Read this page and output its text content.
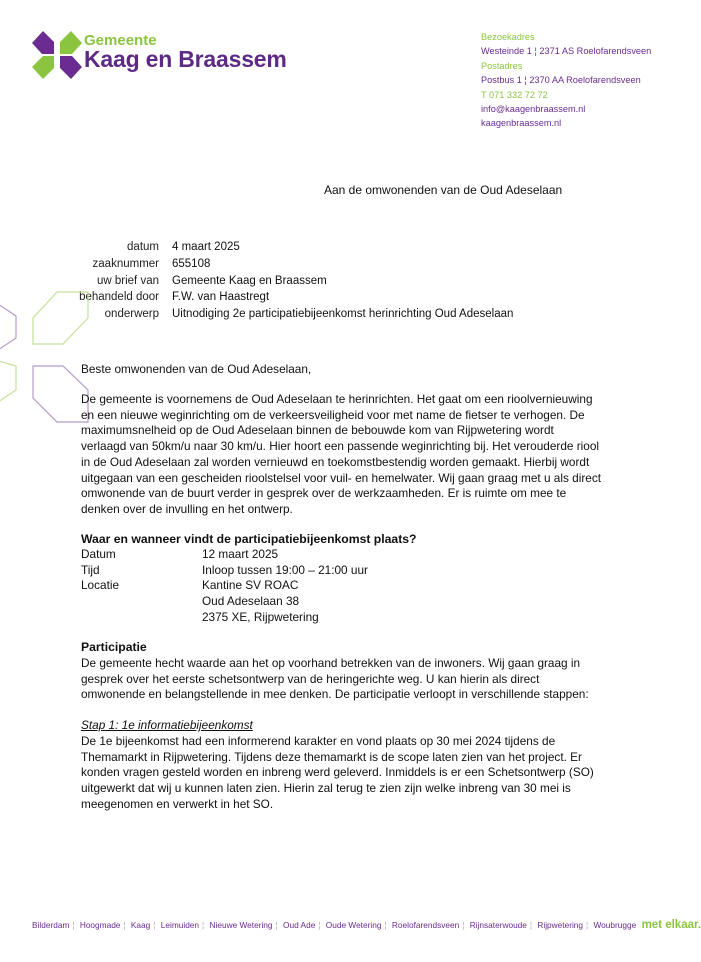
Gemeente
Kaag en Braassem
Bezoekadres
Westeinde 1 ¦ 2371 AS Roelofarendsveen
Postadres
Postbus 1 ¦ 2370 AA Roelofarendsveen
T 071 332 72 72
info@kaagenbraassem.nl
kaagenbraassem.nl
Aan de omwonenden van de Oud Adeselaan
datum	4 maart 2025
zaaknummer	655108
uw brief van	Gemeente Kaag en Braassem
behandeld door	F.W. van Haastregt
onderwerp	Uitnodiging 2e participatiebijeenkomst herinrichting Oud Adeselaan
Beste omwonenden van de Oud Adeselaan,
De gemeente is voornemens de Oud Adeselaan te herinrichten. Het gaat om een rioolvernieuwing en een nieuwe weginrichting om de verkeersveiligheid voor met name de fietser te verhogen. De maximumsnelheid op de Oud Adeselaan binnen de bebouwde kom van Rijpwetering wordt verlaagd van 50km/u naar 30 km/u. Hier hoort een passende weginrichting bij. Het verouderde riool in de Oud Adeselaan zal worden vernieuwd en toekomstbestendig worden gemaakt. Hierbij wordt uitgegaan van een gescheiden rioolstelsel voor vuil- en hemelwater. Wij gaan graag met u als direct omwonende van de buurt verder in gesprek over de werkzaamheden. Er is ruimte om mee te denken over de invulling en het ontwerp.
Waar en wanneer vindt de participatiebijeenkomst plaats?
Datum	12 maart 2025
Tijd	Inloop tussen 19:00 – 21:00 uur
Locatie	Kantine SV ROAC
Oud Adeselaan 38
2375 XE, Rijpwetering
Participatie
De gemeente hecht waarde aan het op voorhand betrekken van de inwoners. Wij gaan graag in gesprek over het eerste schetsontwerp van de heringerichte weg. U kan hierin als direct omwonende en belangstellende in mee denken. De participatie verloopt in verschillende stappen:
Stap 1: 1e informatiebijeenkomst
De 1e bijeenkomst had een informerend karakter en vond plaats op 30 mei 2024 tijdens de Themamarkt in Rijpwetering. Tijdens deze themamarkt is de scope laten zien van het project. Er konden vragen gesteld worden en inbreng werd geleverd. Inmiddels is er een Schetsontwerp (SO) uitgewerkt dat wij u kunnen laten zien. Hierin zal terug te zien zijn welke inbreng van 30 mei is meegenomen en verwerkt in het SO.
Bilderdam ¦ Hoogmade ¦ Kaag ¦ Leimuiden ¦ Nieuwe Wetering ¦ Oud Ade ¦ Oude Wetering ¦ Roelofarendsveen ¦ Rijnsaterwoude ¦ Rijpwetering ¦ Woubrugge met elkaar.
